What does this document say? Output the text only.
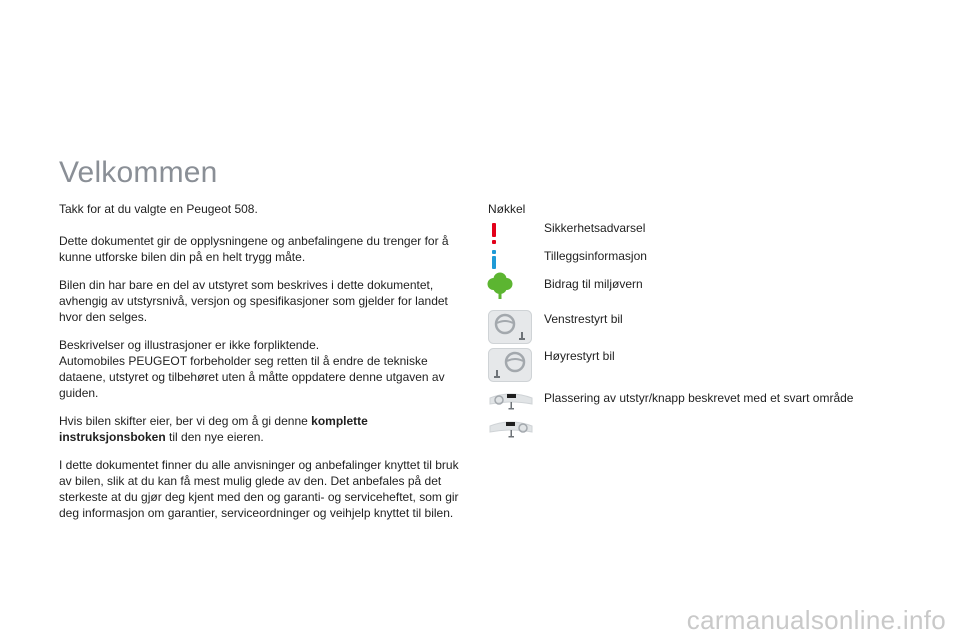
Velkommen

Takk for at du valgte en Peugeot 508.

Dette dokumentet gir de opplysningene og anbefalingene du trenger for å kunne utforske bilen din på en helt trygg måte.

Bilen din har bare en del av utstyret som beskrives i dette dokumentet, avhengig av utstyrsnivå, versjon og spesifikasjoner som gjelder for landet hvor den selges.

Beskrivelser og illustrasjoner er ikke forpliktende.
Automobiles PEUGEOT forbeholder seg retten til å endre de tekniske dataene, utstyret og tilbehøret uten å måtte oppdatere denne utgaven av guiden.

Hvis bilen skifter eier, ber vi deg om å gi denne komplette instruksjonsboken til den nye eieren.

I dette dokumentet finner du alle anvisninger og anbefalinger knyttet til bruk av bilen, slik at du kan få mest mulig glede av den. Det anbefales på det sterkeste at du gjør deg kjent med den og garanti- og serviceheftet, som gir deg informasjon om garantier, serviceordninger og veihjelp knyttet til bilen.

Nøkkel
Sikkerhetsadvarsel
Tilleggsinformasjon
Bidrag til miljøvern
Venstrestyrt bil
Høyrestyrt bil
Plassering av utstyr/knapp beskrevet med et svart område
carmanualsonline.info
